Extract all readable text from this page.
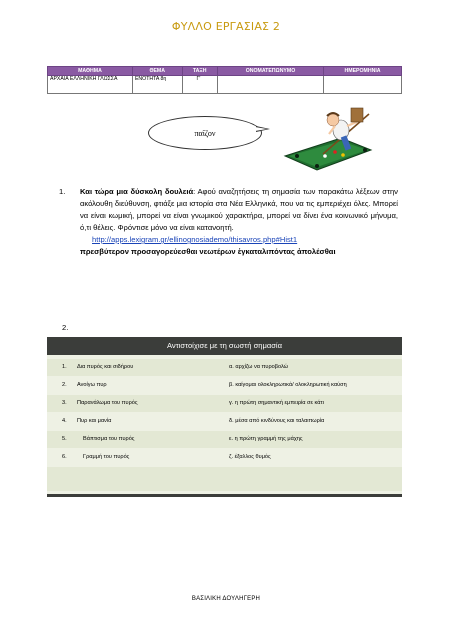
ΦΥΛΛΟ ΕΡΓΑΣΙΑΣ 2
ΜΑΘΗΜΑ	ΘΕΜΑ	ΤΑΞΗ	ΟΝΟΜΑΤΕΠΩΝΥΜΟ	ΗΜΕΡΟΜΗΝΙΑ
ΑΡΧΑΙΑ ΕΛΛΗΝΙΚΗ ΓΛΩΣΣΑ	ΕΝΟΤΗΤΑ 8η	Γ'		
παῖζον
1. Και τώρα μια δύσκολη δουλειά: Αφού αναζητήσεις τη σημασία των παρακάτω λέξεων στην ακόλουθη διεύθυνση, φτιάξε μια ιστορία στα Νέα Ελληνικά, που να τις εμπεριέχει όλες. Μπορεί να είναι κωμική, μπορεί να είναι γνωμικού χαρακτήρα, μπορεί να δίνει ένα κοινωνικό μήνυμα, ό,τι θέλεις. Φρόντισε μόνο να είναι κατανοητή.
http://apps.lexigram.gr/ellinognosiademo/thisavros.php#Hist1
πρεσβύτερον προσαγορεύεσθαι νεωτέρων ἐγκαταλιπόντας ἀπολέσθαι
2.
Αντιστοίχισε με τη σωστή σημασία
1. Δια πυρός και σιδήρου	α. αρχίζω να πυροβολώ
2. Ανοίγω πυρ	β. καίγομαι ολοκληρωτικά/ ολοκληρωτική καύση
3. Παρανάλωμα του πυρός	γ. η πρώτη σημαντική εμπειρία σε κάτι
4. Πυρ και μανία	δ. μέσα από κινδύνους και ταλαιπωρία
5.	Βάπτισμα του πυρός	ε. η πρώτη γραμμή της μάχης
6.	Γραμμή του πυρός	ζ. έξαλλος θυμός
ΒΑΣΙΛΙΚΗ ΔΟΥΛΗΓΕΡΗ
